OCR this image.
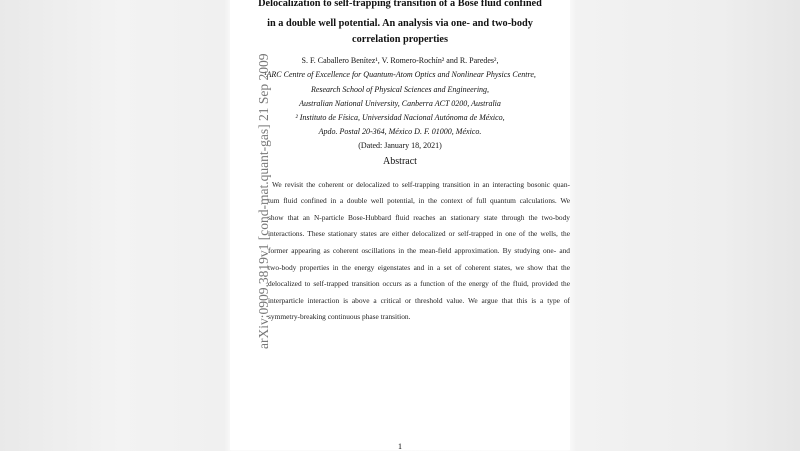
Delocalization to self-trapping transition of a Bose fluid confined
in a double well potential. An analysis via one- and two-body
correlation properties
S. F. Caballero Benítez¹, V. Romero-Rochín² and R. Paredes²,
¹ARC Centre of Excellence for Quantum-Atom Optics and Nonlinear Physics Centre,
Research School of Physical Sciences and Engineering,
Australian National University, Canberra ACT 0200, Australia
² Instituto de Física, Universidad Nacional Autónoma de México,
Apdo. Postal 20-364, México D. F. 01000, México.
(Dated: January 18, 2021)
Abstract
We revisit the coherent or delocalized to self-trapping transition in an interacting bosonic quan-
tum fluid confined in a double well potential, in the context of full quantum calculations. We
show that an N-particle Bose-Hubbard fluid reaches an stationary state through the two-body
interactions. These stationary states are either delocalized or self-trapped in one of the wells, the
former appearing as coherent oscillations in the mean-field approximation. By studying one- and
two-body properties in the energy eigenstates and in a set of coherent states, we show that the
delocalized to self-trapped transition occurs as a function of the energy of the fluid, provided the
interparticle interaction is above a critical or threshold value. We argue that this is a type of
symmetry-breaking continuous phase transition.
arXiv:0909.3819v1 [cond-mat.quant-gas] 21 Sep 2009
1
